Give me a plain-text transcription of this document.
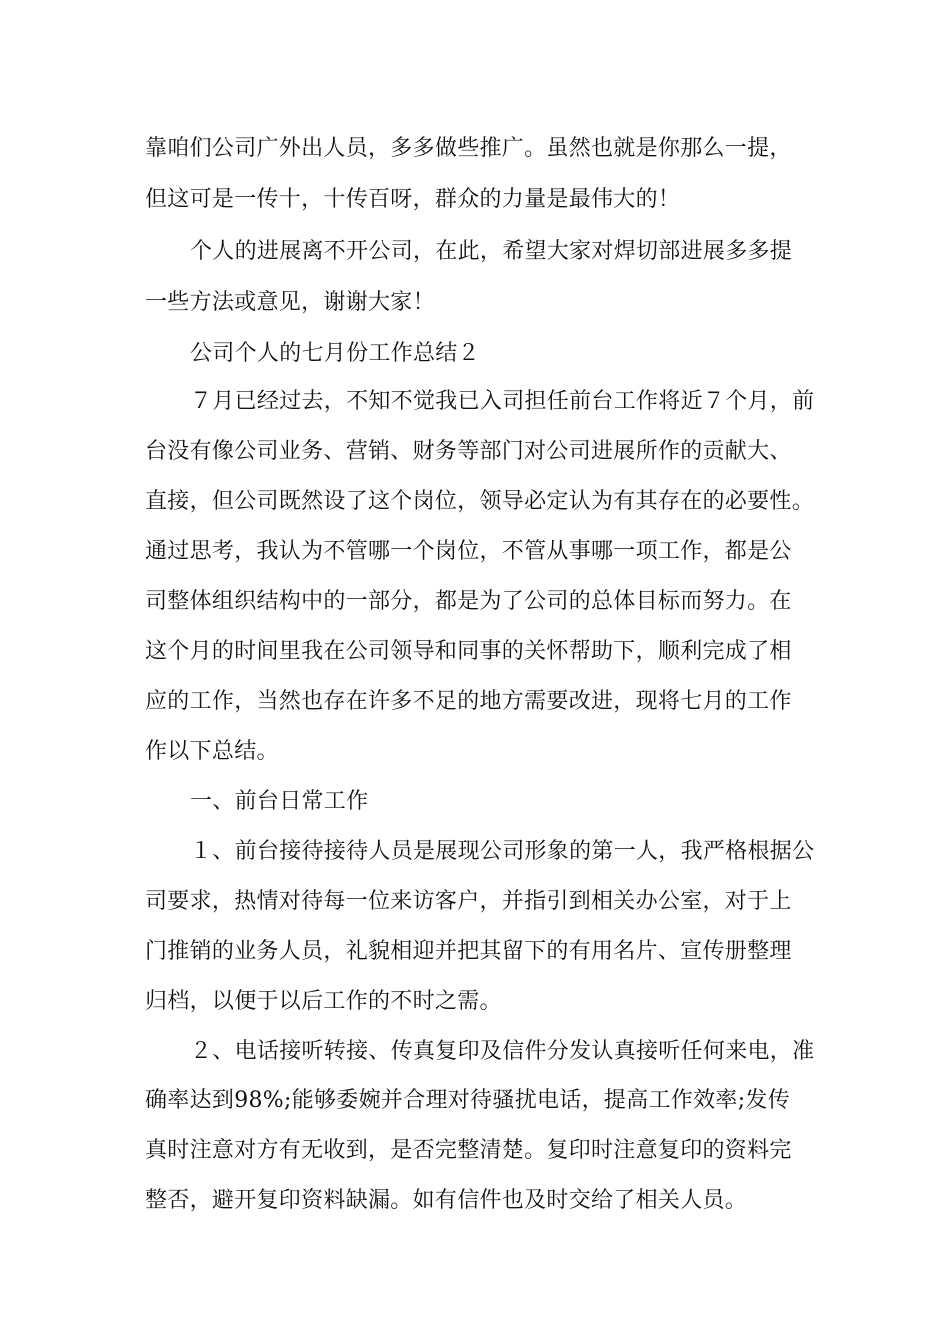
靠咱们公司广外出人员，多多做些推广。虽然也就是你那么一提，
但这可是一传十，十传百呀，群众的力量是最伟大的！
个人的进展离不开公司，在此，希望大家对焊切部进展多多提
一些方法或意见，谢谢大家！
公司个人的七月份工作总结２
７月已经过去，不知不觉我已入司担任前台工作将近７个月，前
台没有像公司业务、营销、财务等部门对公司进展所作的贡献大、
直接，但公司既然设了这个岗位，领导必定认为有其存在的必要性。
通过思考，我认为不管哪一个岗位，不管从事哪一项工作，都是公
司整体组织结构中的一部分，都是为了公司的总体目标而努力。在
这个月的时间里我在公司领导和同事的关怀帮助下，顺利完成了相
应的工作，当然也存在许多不足的地方需要改进，现将七月的工作
作以下总结。
一、前台日常工作
１、前台接待接待人员是展现公司形象的第一人，我严格根据公
司要求，热情对待每一位来访客户，并指引到相关办公室，对于上
门推销的业务人员，礼貌相迎并把其留下的有用名片、宣传册整理
归档，以便于以后工作的不时之需。
２、电话接听转接、传真复印及信件分发认真接听任何来电，准
确率达到98%;能够委婉并合理对待骚扰电话，提高工作效率;发传
真时注意对方有无收到，是否完整清楚。复印时注意复印的资料完
整否，避开复印资料缺漏。如有信件也及时交给了相关人员。
